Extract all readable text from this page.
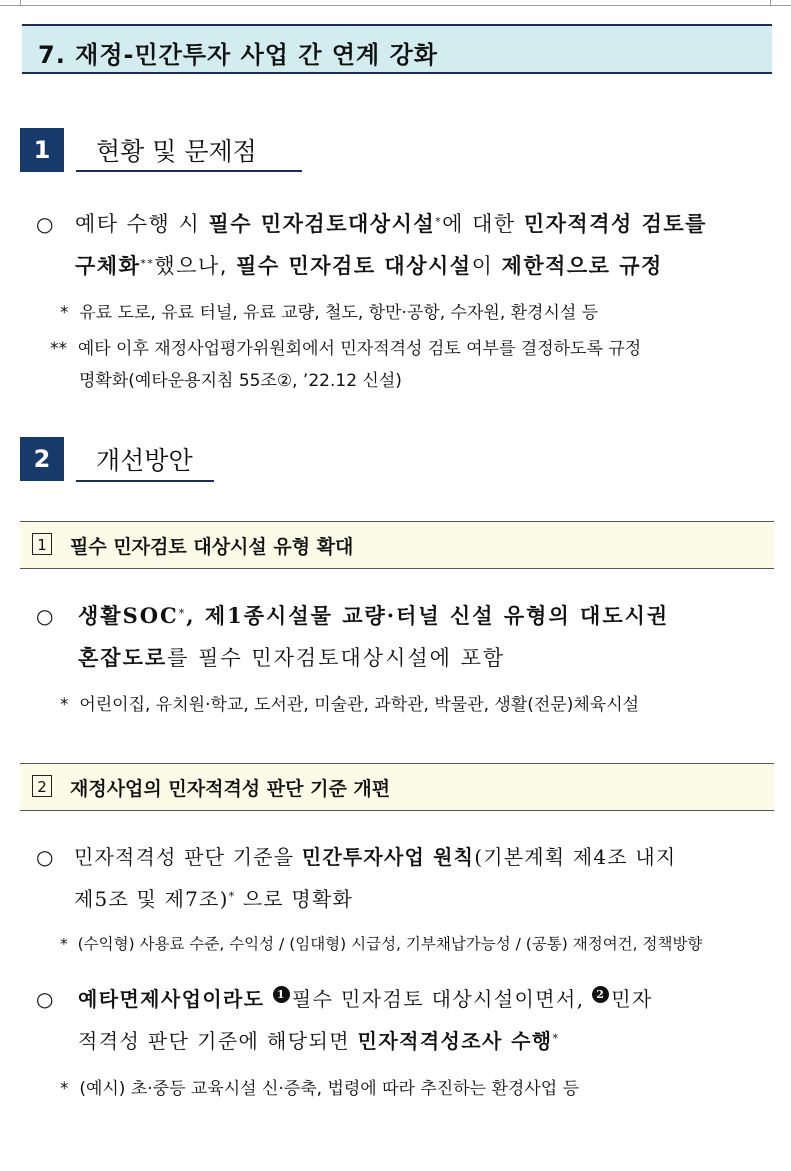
7. 재정-민간투자 사업 간 연계 강화
1	현황 및 문제점
○ 예타 수행 시 필수 민자검토대상시설*에 대한 민자적격성 검토를
구체화**했으나, 필수 민자검토 대상시설이 제한적으로 규정
* 유료 도로, 유료 터널, 유료 교량, 철도, 항만·공항, 수자원, 환경시설 등
** 예타 이후 재정사업평가위원회에서 민자적격성 검토 여부를 결정하도록 규정
명확화(예타운용지침 55조②, ’22.12 신설)
2	개선방안
1 필수 민자검토 대상시설 유형 확대
○ 생활SOC*, 제1종시설물 교량·터널 신설 유형의 대도시권
혼잡도로를 필수 민자검토대상시설에 포함
* 어린이집, 유치원·학교, 도서관, 미술관, 과학관, 박물관, 생활(전문)체육시설
2 재정사업의 민자적격성 판단 기준 개편
○ 민자적격성 판단 기준을 민간투자사업 원칙(기본계획 제4조 내지
제5조 및 제7조)* 으로 명확화
* (수익형) 사용료 수준, 수익성 / (임대형) 시급성, 기부채납가능성 / (공통) 재정여건, 정책방향
○ 예타면제사업이라도 1 필수 민자검토 대상시설이면서, 2 민자
적격성 판단 기준에 해당되면 민자적격성조사 수행*
* (예시) 초·중등 교육시설 신·증축, 법령에 따라 추진하는 환경사업 등
